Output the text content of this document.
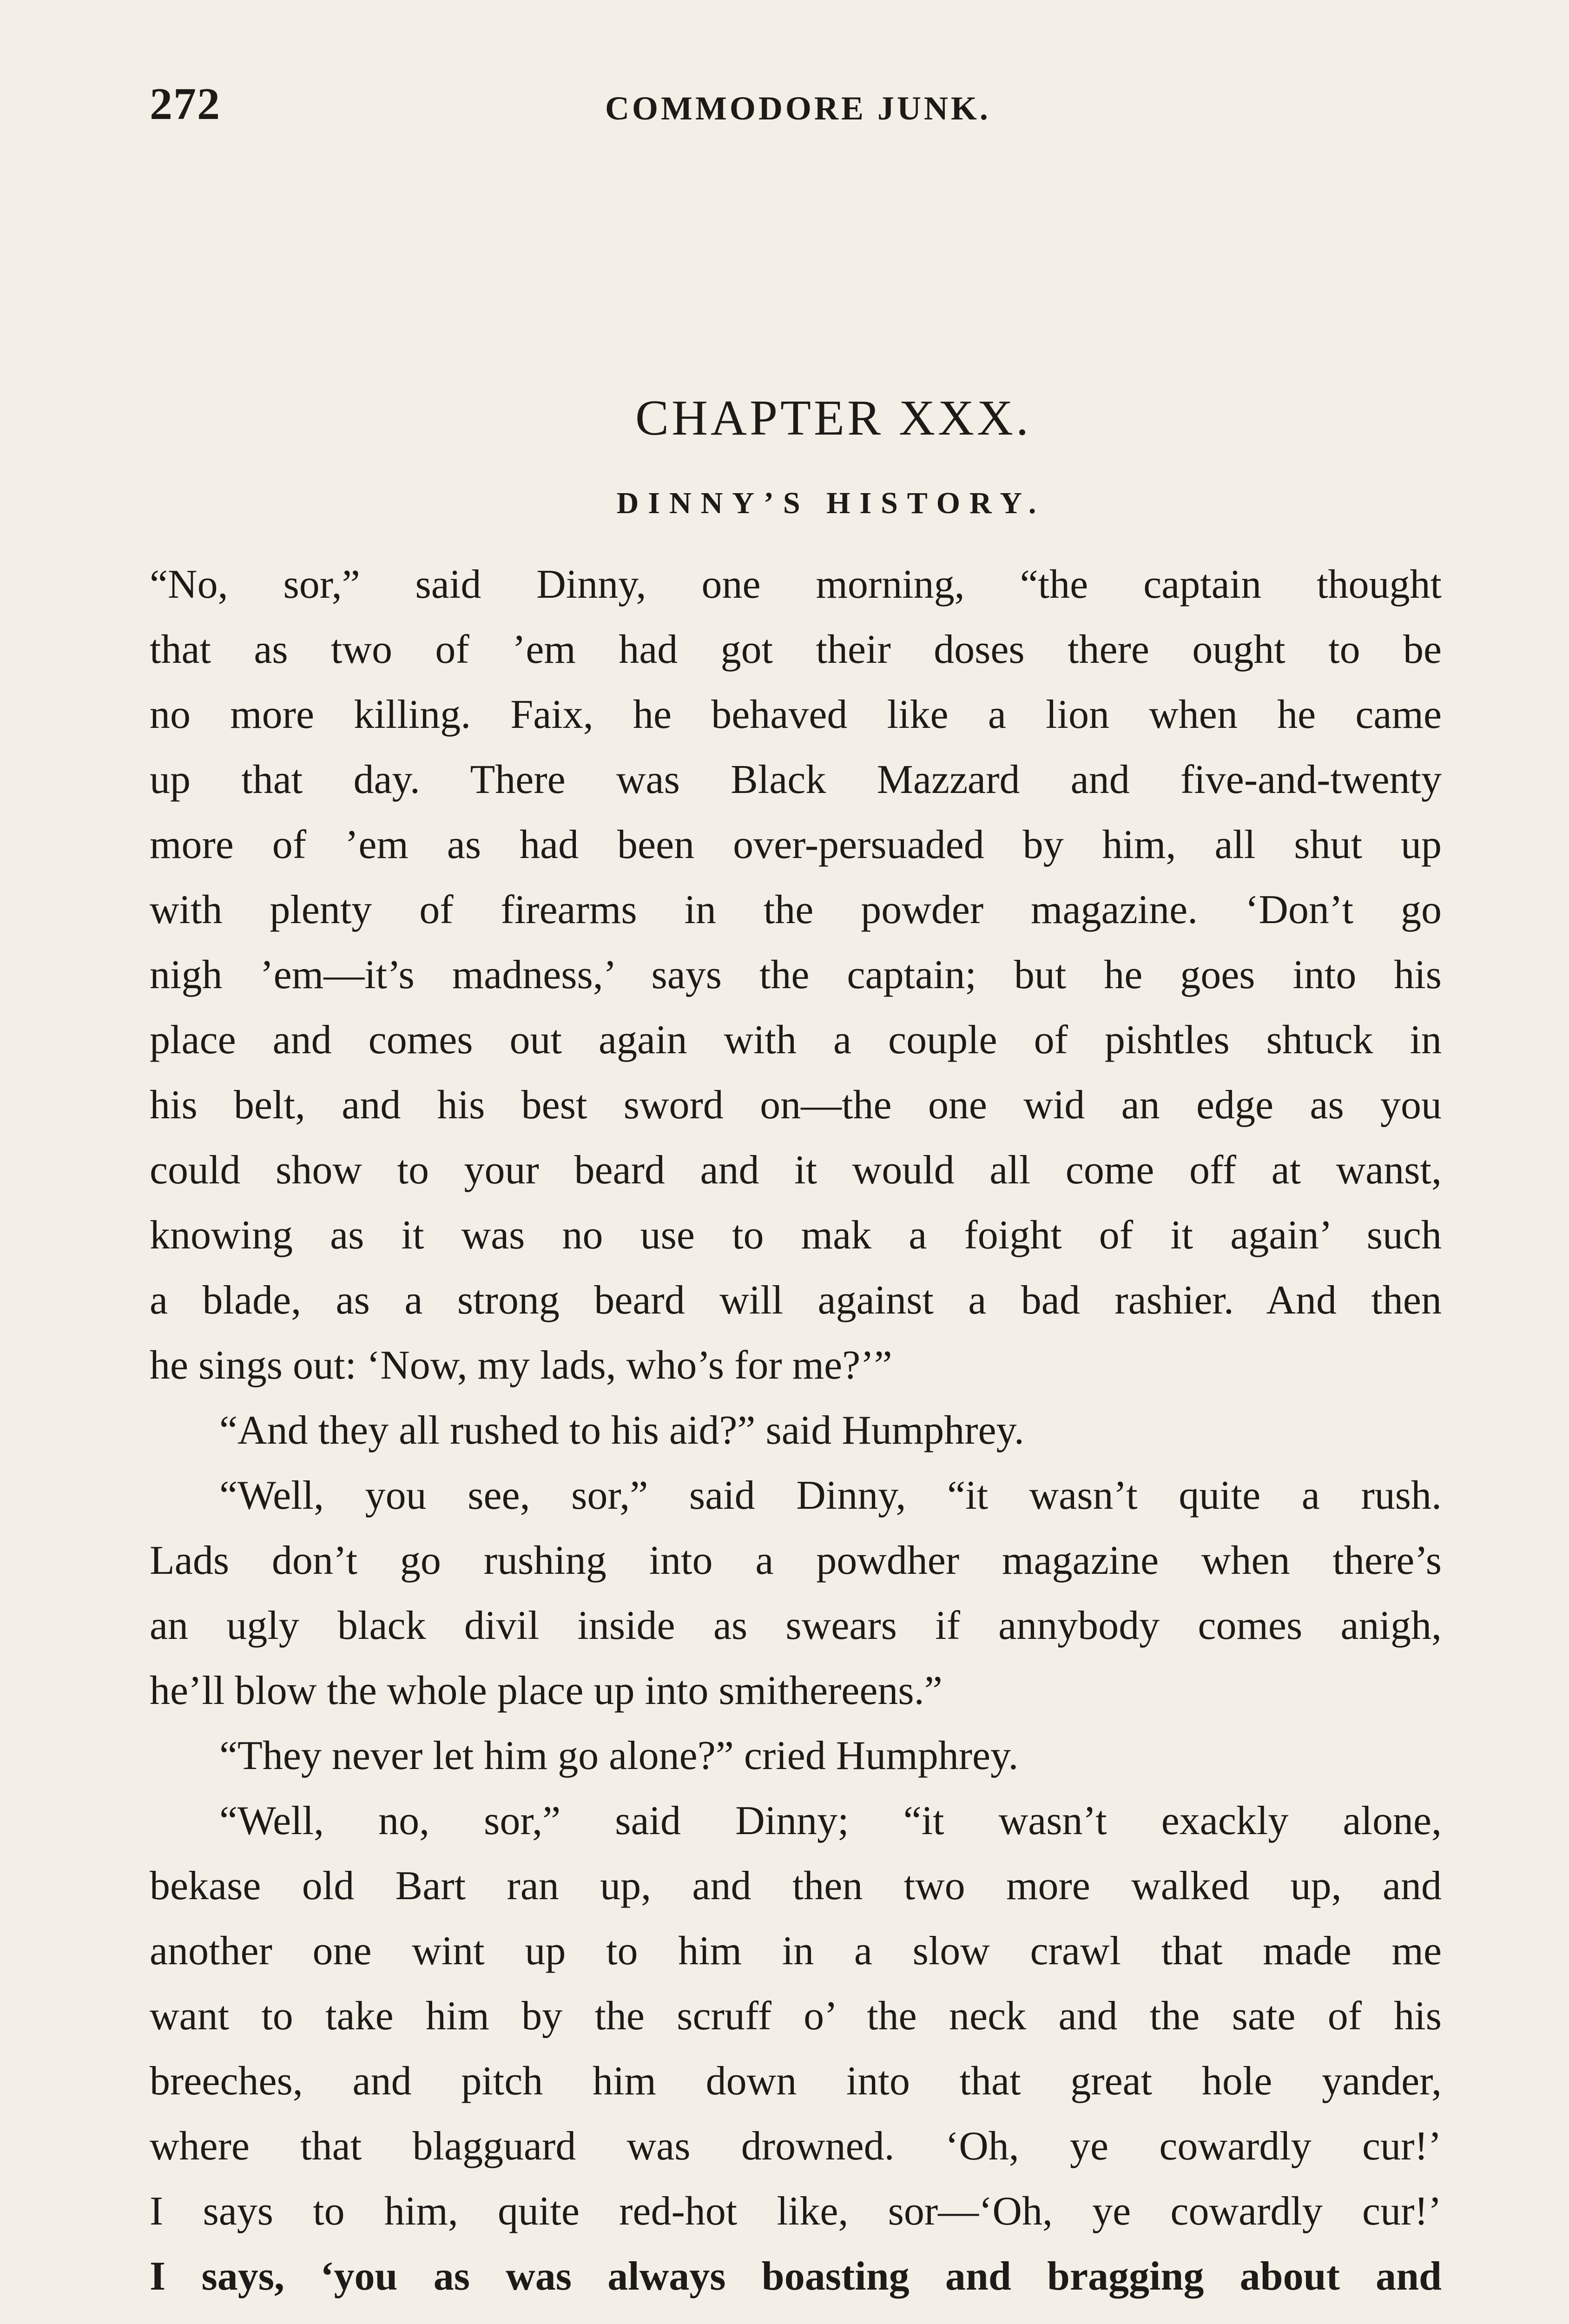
272	COMMODORE JUNK.
CHAPTER XXX.
DINNY’S HISTORY.
“No, sor,” said Dinny, one morning, “the captain thought
that as two of ’em had got their doses there ought to be
no more killing. Faix, he behaved like a lion when he came
up that day. There was Black Mazzard and five-and-twenty
more of ’em as had been over-persuaded by him, all shut up
with plenty of firearms in the powder magazine. ‘Don’t go
nigh ’em—it’s madness,’ says the captain; but he goes into his
place and comes out again with a couple of pishtles shtuck in
his belt, and his best sword on—the one wid an edge as you
could show to your beard and it would all come off at wanst,
knowing as it was no use to mak a foight of it again’ such
a blade, as a strong beard will against a bad rashier. And then
he sings out: ‘Now, my lads, who’s for me?’”
“And they all rushed to his aid?” said Humphrey.
“Well, you see, sor,” said Dinny, “it wasn’t quite a rush.
Lads don’t go rushing into a powdher magazine when there’s
an ugly black divil inside as swears if annybody comes anigh,
he’ll blow the whole place up into smithereens.”
“They never let him go alone?” cried Humphrey.
“Well, no, sor,” said Dinny; “it wasn’t exackly alone,
bekase old Bart ran up, and then two more walked up, and
another one wint up to him in a slow crawl that made me
want to take him by the scruff o’ the neck and the sate of his
breeches, and pitch him down into that great hole yander,
where that blagguard was drowned. ‘Oh, ye cowardly cur!’
I says to him, quite red-hot like, sor—‘Oh, ye cowardly cur!’
I says, ‘you as was always boasting and bragging about and
